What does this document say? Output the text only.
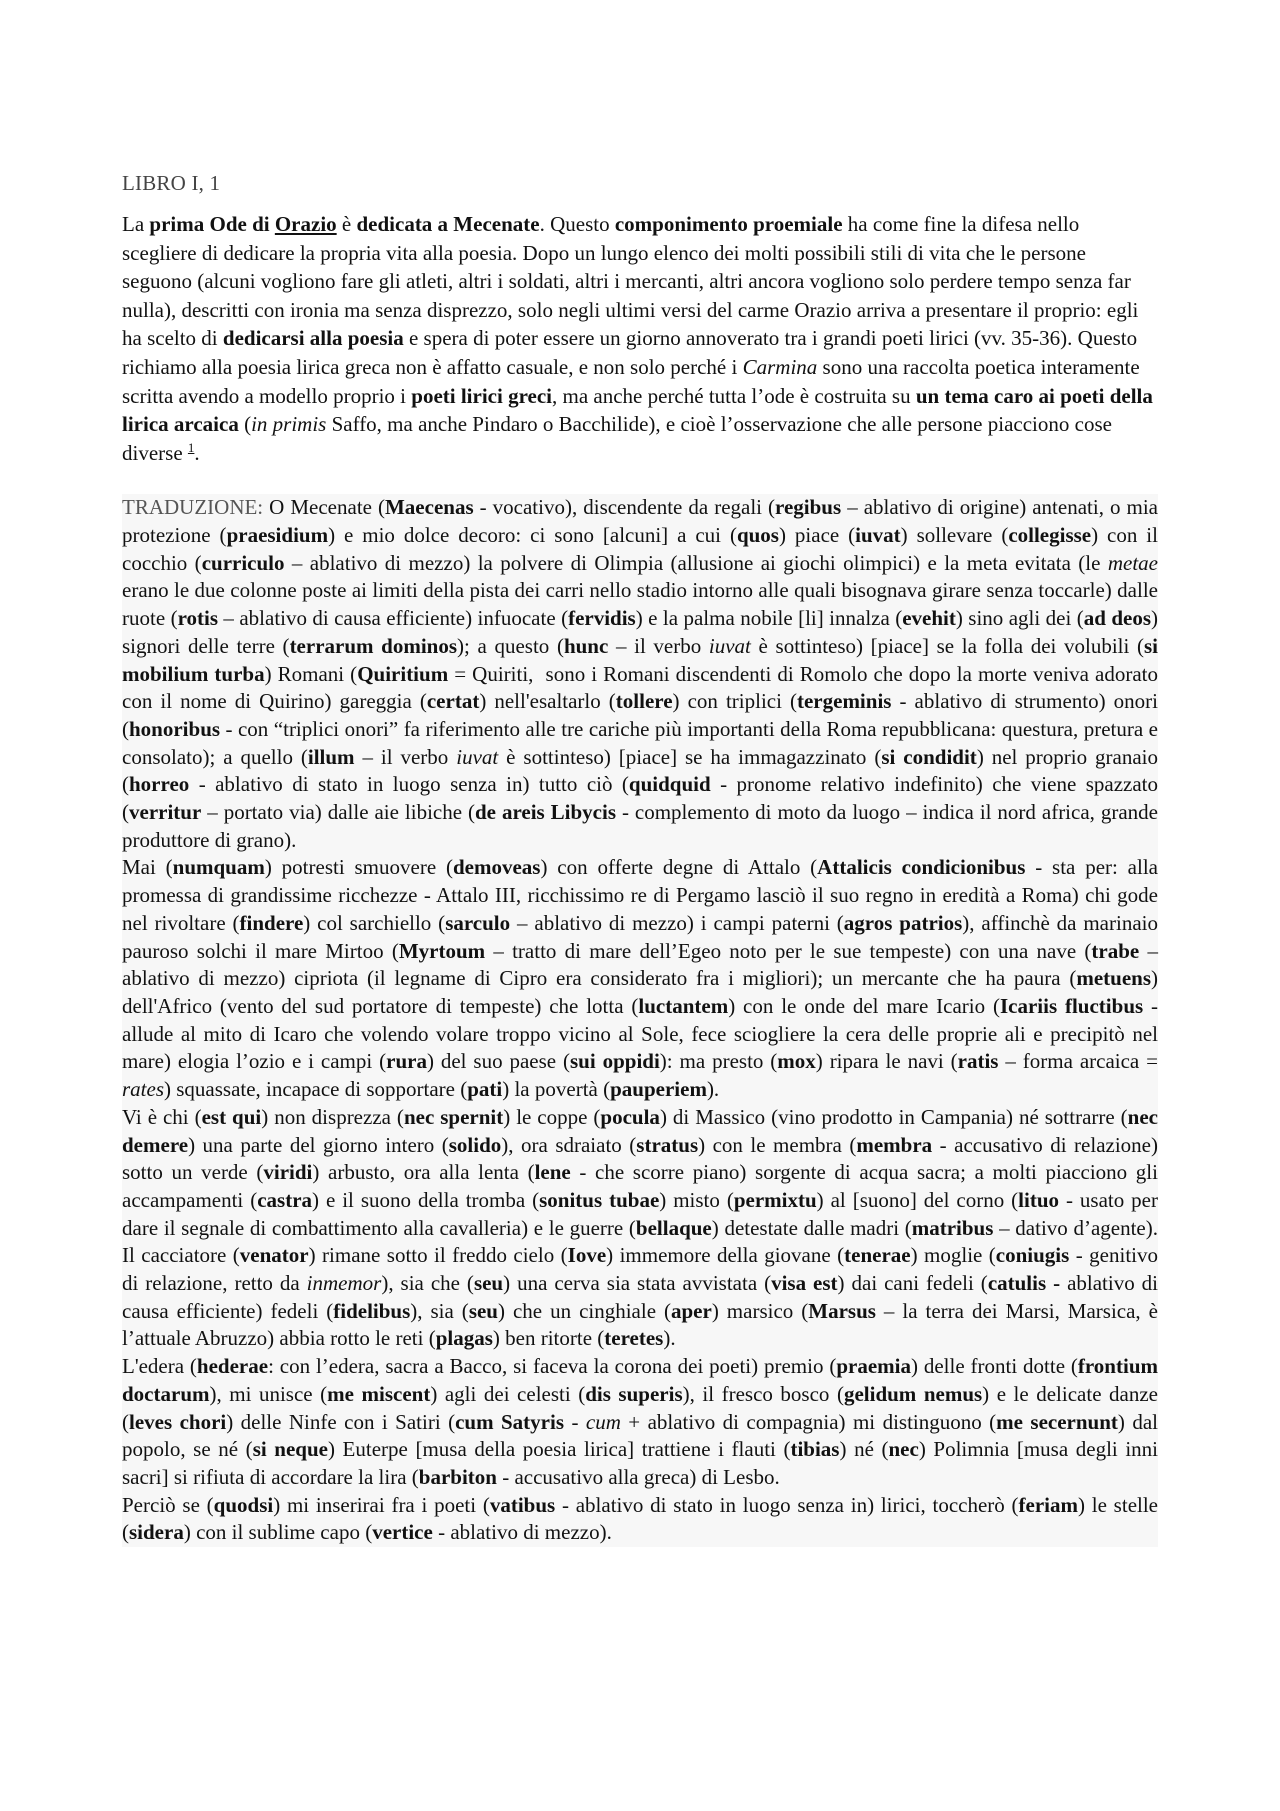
LIBRO I, 1

La prima Ode di Orazio è dedicata a Mecenate. Questo componimento proemiale ha come fine la difesa nello scegliere di dedicare la propria vita alla poesia. Dopo un lungo elenco dei molti possibili stili di vita che le persone seguono (alcuni vogliono fare gli atleti, altri i soldati, altri i mercanti, altri ancora vogliono solo perdere tempo senza far nulla), descritti con ironia ma senza disprezzo, solo negli ultimi versi del carme Orazio arriva a presentare il proprio: egli ha scelto di dedicarsi alla poesia e spera di poter essere un giorno annoverato tra i grandi poeti lirici (vv. 35-36). Questo richiamo alla poesia lirica greca non è affatto casuale, e non solo perché i Carmina sono una raccolta poetica interamente scritta avendo a modello proprio i poeti lirici greci, ma anche perché tutta l’ode è costruita su un tema caro ai poeti della lirica arcaica (in primis Saffo, ma anche Pindaro o Bacchilide), e cioè l’osservazione che alle persone piacciono cose diverse $^1$.

TRADUZIONE: O Mecenate (Maecenas - vocativo), discendente da regali (regibus – ablativo di origine) antenati, o mia protezione (praesidium) e mio dolce decoro: ci sono [alcuni] a cui (quos) piace (iuvat) sollevare (collegisse) con il cocchio (curriculo – ablativo di mezzo) la polvere di Olimpia (allusione ai giochi olimpici) e la meta evitata (le metae erano le due colonne poste ai limiti della pista dei carri nello stadio intorno alle quali bisognava girare senza toccarle) dalle ruote (rotis – ablativo di causa efficiente) infuocate (fervidis) e la palma nobile [li] innalza (evehit) sino agli dei (ad deos) signori delle terre (terrarum dominos); a questo (hunc – il verbo iuvat è sottinteso) [piace] se la folla dei volubili (si mobilium turba) Romani (Quiritium = Quiriti,  sono i Romani discendenti di Romolo che dopo la morte veniva adorato con il nome di Quirino) gareggia (certat) nell'esaltarlo (tollere) con triplici (tergeminis - ablativo di strumento) onori (honoribus - con “triplici onori” fa riferimento alle tre cariche più importanti della Roma repubblicana: questura, pretura e consolato); a quello (illum – il verbo iuvat è sottinteso) [piace] se ha immagazzinato (si condidit) nel proprio granaio (horreo - ablativo di stato in luogo senza in) tutto ciò (quidquid - pronome relativo indefinito) che viene spazzato (verritur – portato via) dalle aie libiche (de areis Libycis - complemento di moto da luogo – indica il nord africa, grande produttore di grano).

Mai (numquam) potresti smuovere (demoveas) con offerte degne di Attalo (Attalicis condicionibus - sta per: alla promessa di grandissime ricchezze - Attalo III, ricchissimo re di Pergamo lasciò il suo regno in eredità a Roma) chi gode nel rivoltare (findere) col sarchiello (sarculo – ablativo di mezzo) i campi paterni (agros patrios), affinchè da marinaio pauroso solchi il mare Mirtoo (Myrtoum – tratto di mare dell’Egeo noto per le sue tempeste) con una nave (trabe – ablativo di mezzo) cipriota (il legname di Cipro era considerato fra i migliori); un mercante che ha paura (metuens) dell'Africo (vento del sud portatore di tempeste) che lotta (luctantem) con le onde del mare Icario (Icariis fluctibus - allude al mito di Icaro che volendo volare troppo vicino al Sole, fece sciogliere la cera delle proprie ali e precipitò nel mare) elogia l’ozio e i campi (rura) del suo paese (sui oppidi): ma presto (mox) ripara le navi (ratis – forma arcaica = rates) squassate, incapace di sopportare (pati) la povertà (pauperiem).

Vi è chi (est qui) non disprezza (nec spernit) le coppe (pocula) di Massico (vino prodotto in Campania) né sottrarre (nec demere) una parte del giorno intero (solido), ora sdraiato (stratus) con le membra (membra - accusativo di relazione) sotto un verde (viridi) arbusto, ora alla lenta (lene - che scorre piano) sorgente di acqua sacra; a molti piacciono gli accampamenti (castra) e il suono della tromba (sonitus tubae) misto (permixtu) al [suono] del corno (lituo - usato per dare il segnale di combattimento alla cavalleria) e le guerre (bellaque) detestate dalle madri (matribus – dativo d’agente). Il cacciatore (venator) rimane sotto il freddo cielo (Iove) immemore della giovane (tenerae) moglie (coniugis - genitivo di relazione, retto da inmemor), sia che (seu) una cerva sia stata avvistata (visa est) dai cani fedeli (catulis - ablativo di causa efficiente) fedeli (fidelibus), sia (seu) che un cinghiale (aper) marsico (Marsus – la terra dei Marsi, Marsica, è l’attuale Abruzzo) abbia rotto le reti (plagas) ben ritorte (teretes).

L'edera (hederae: con l’edera, sacra a Bacco, si faceva la corona dei poeti) premio (praemia) delle fronti dotte (frontium doctarum), mi unisce (me miscent) agli dei celesti (dis superis), il fresco bosco (gelidum nemus) e le delicate danze (leves chori) delle Ninfe con i Satiri (cum Satyris - cum + ablativo di compagnia) mi distinguono (me secernunt) dal popolo, se né (si neque) Euterpe [musa della poesia lirica] trattiene i flauti (tibias) né (nec) Polimnia [musa degli inni sacri] si rifiuta di accordare la lira (barbiton - accusativo alla greca) di Lesbo.

Perciò se (quodsi) mi inserirai fra i poeti (vatibus - ablativo di stato in luogo senza in) lirici, toccherò (feriam) le stelle (sidera) con il sublime capo (vertice - ablativo di mezzo).
